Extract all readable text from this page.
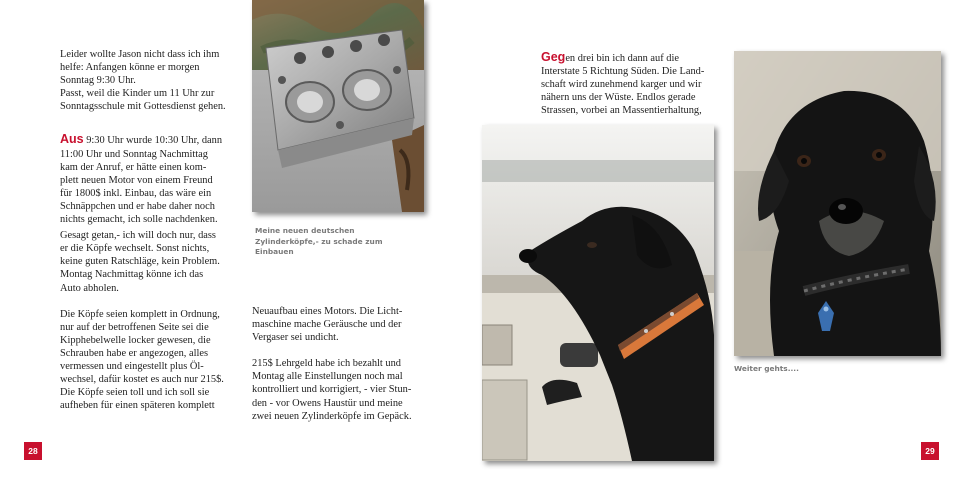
Leider wollte Jason nicht dass ich ihm
helfe: Anfangen könne er morgen
Sonntag 9:30 Uhr.
Passt, weil die Kinder um 11 Uhr zur
Sonntagsschule mit Gottesdienst gehen.

Aus 9:30 Uhr wurde 10:30 Uhr, dann
11:00 Uhr und Sonntag Nachmittag
kam der Anruf, er hätte einen kom-
plett neuen Motor von einem Freund
für 1800$ inkl. Einbau, das wäre ein
Schnäppchen und er habe daher noch
nichts gemacht, ich solle nachdenken.

Gesagt getan,- ich will doch nur, dass
er die Köpfe wechselt. Sonst nichts,
keine guten Ratschläge, kein Problem.
Montag Nachmittag könne ich das
Auto abholen.

Die Köpfe seien komplett in Ordnung,
nur auf der betroffenen Seite sei die
Kipphebelwelle locker gewesen, die
Schrauben habe er angezogen, alles
vermessen und eingestellt plus Öl-
wechsel, dafür kostet es auch nur 215$.
Die Köpfe seien toll und ich soll sie
aufheben für einen späteren komplett

Meine neuen deutschen
Zylinderköpfe,- zu schade zum
Einbauen

Neuaufbau eines Motors. Die Licht-
maschine mache Geräusche und der
Vergaser sei undicht.

215$ Lehrgeld habe ich bezahlt und
Montag alle Einstellungen noch mal
kontrolliert und korrigiert, - vier Stun-
den - vor Owens Haustür und meine
zwei neuen Zylinderköpfe im Gepäck.

28

Gegen drei bin ich dann auf die
Interstate 5 Richtung Süden. Die Land-
schaft wird zunehmend karger und wir
nähern uns der Wüste. Endlos gerade
Strassen, vorbei an Massentierhaltung,

Weiter gehts....
29
